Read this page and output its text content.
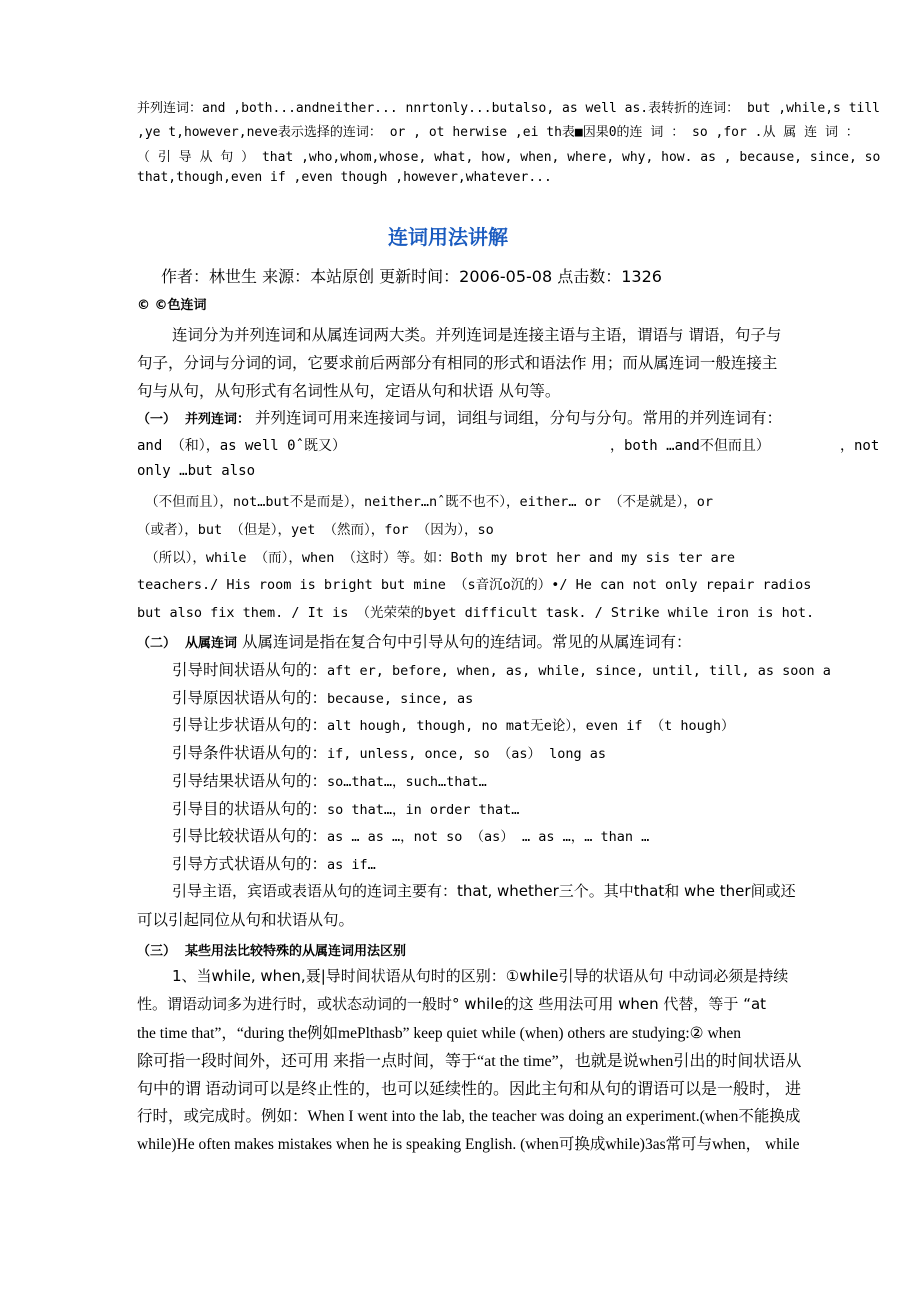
并列连词：and ,both...andneither... nnrtonly...butalso, as well as.表转折的连词： but ,while,s till
,ye t,however,neve表示选择的连词： or , ot herwise ,ei th表■因果0的连 词 ： so ,for .从 属 连 词 ：
（ 引 导 从 句 ） that ,who,whom,whose, what, how, when, where, why, how. as , because, since, so
that,though,even if ,even though ,however,whatever...
连词用法讲解
作者：林世生 来源：本站原创 更新时间：2006-05-08 点击数：1326
© ©色连词
连词分为并列连词和从属连词两大类。并列连词是连接主语与主语，谓语与 谓语，句子与
句子，分词与分词的词，它要求前后两部分有相同的形式和语法作 用；而从属连词一般连接主
句与从句，从句形式有名词性从句，定语从句和状语 从句等。
（一）  并列连词： 并列连词可用来连接词与词，词组与词组，分句与分句。常用的并列连词有：
and （和），as well 0ˆ既又）	，both …and不但而且）	，not
only …but also
（不但而且），not…but不是而是），neither…nˆ既不也不），either… or （不是就是），or
（或者），but （但是），yet （然而），for （因为），so
（所以），while （而），when （这时）等。如：Both my brot her and my sis ter are
teachers./ His room is bright but mine （s音沉o沉的）•/ He can not only repair radios
but also fix them. / It is （光荣荣的byet difficult task. / Strike while iron is hot.
（二）  从属连词 从属连词是指在复合句中引导从句的连结词。常见的从属连词有：
引导时间状语从句的：aft er, before, when, as, while, since, until, till, as soon a
引导原因状语从句的：because, since, as
引导让步状语从句的：alt hough, though, no mat无e论），even if （t hough）
引导条件状语从句的：if, unless, once, so （as） long as
引导结果状语从句的：so…that…，such…that…
引导目的状语从句的：so that…，in order that…
引导比较状语从句的：as … as …，not so （as） … as …，… than …
引导方式状语从句的：as if…
引导主语，宾语或表语从句的连词主要有：that, whether三个。其中that和 whe ther间或还
可以引起同位从句和状语从句。
（三）  某些用法比较特殊的从属连词用法区别
1、当while, when,聂|导时间状语从句时的区别：①while引导的状语从句 中动词必须是持续
性。谓语动词多为进行时，或状态动词的一般时° while的这 些用法可用 when 代替，等于 “at
the time that”，“during the例如mePlthasb” keep quiet while (when) others are studying:② when
除可指一段时间外，还可用 来指一点时间，等于“at the time”，也就是说when引出的时间状语从
句中的谓 语动词可以是终止性的，也可以延续性的。因此主句和从句的谓语可以是一般时， 进
行时，或完成时。例如：When I went into the lab, the teacher was doing an experiment.(when不能换成
while)He often makes mistakes when he is speaking English. (when可换成while)3as常可与when， while
